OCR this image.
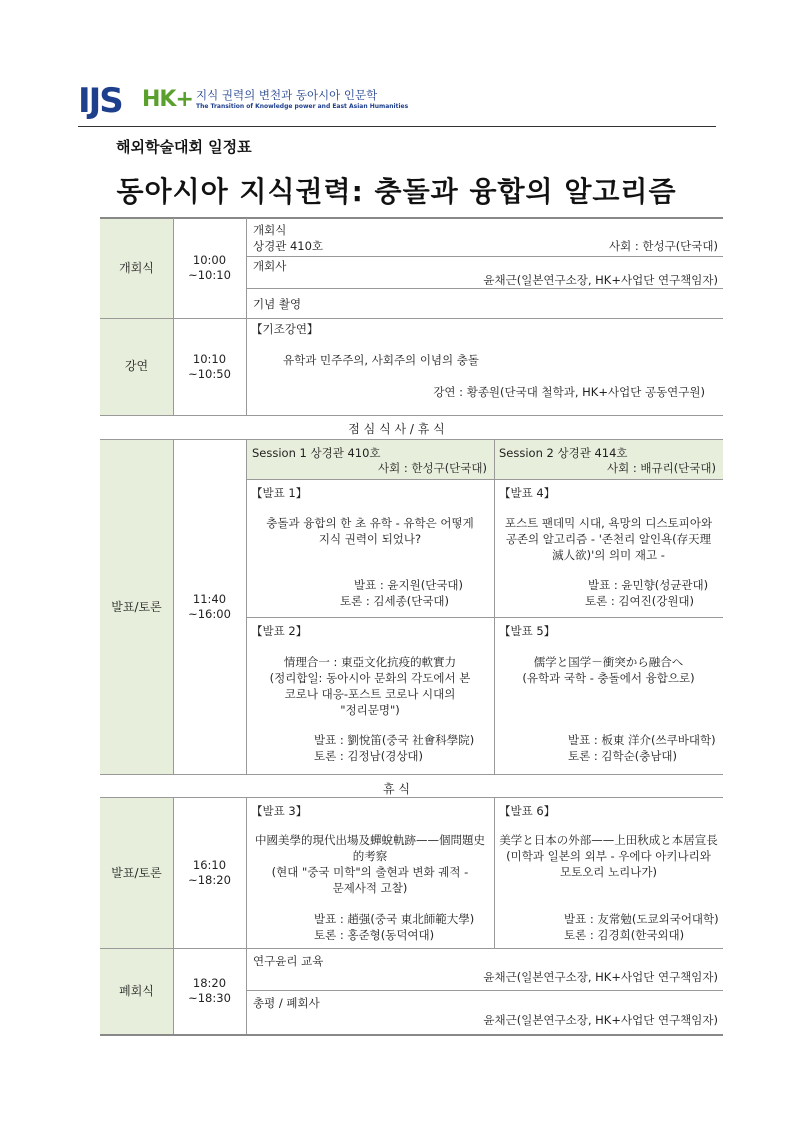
IJS HK+ 지식 권력의 변천과 동아시아 인문학
The Transition of Knowledge power and East Asian Humanities
해외학술대회 일정표
동아시아 지식권력: 충돌과 융합의 알고리즘
개회식
10:00
~10:10
강연
10:10
~10:50
발표/토론
11:40
~16:00
발표/토론
16:10
~18:20
폐회식
18:20
~18:30
개회식
상경관 410호	사회 : 한성구(단국대)
개회사
윤채근(일본연구소장, HK+사업단 연구책임자)
기념 촬영
【기조강연】
유학과 민주주의, 사회주의 이념의 충돌
강연 : 황종원(단국대 철학과, HK+사업단 공동연구원)
점 심 식 사 / 휴 식
Session 1 상경관 410호
사회 : 한성구(단국대)
Session 2 상경관 414호
사회 : 배규리(단국대)
【발표 1】
충돌과 융합의 한 초 유학 - 유학은 어떻게
지식 권력이 되었나?
발표 : 윤지원(단국대)
토론 : 김세종(단국대)
【발표 4】
포스트 팬데믹 시대, 욕망의 디스토피아와
공존의 알고리즘 - '존천리 알인욕(存天理
滅人欲)'의 의미 재고 -
발표 : 윤민향(성균관대)
토론 : 김여진(강원대)
【발표 2】
情理合一 : 東亞文化抗疫的軟實力
(정리합일: 동아시아 문화의 각도에서 본
코로나 대응-포스트 코로나 시대의
"정리문명")
발표 : 劉悅笛(중국 社會科學院)
토론 : 김정남(경상대)
【발표 5】
儒学と国学－衝突から融合へ
(유학과 국학 - 충돌에서 융합으로)
발표 : 板東 洋介(쓰쿠바대학)
토론 : 김학순(충남대)
휴 식
【발표 3】
中國美學的現代出場及蟬蛻軌跡——個問題史
的考察
(현대 "중국 미학"의 출현과 변화 궤적 -
문제사적 고찰)
발표 : 趙强(중국 東北師範大學)
토론 : 홍준형(동덕여대)
【발표 6】
美学と日本の外部——上田秋成と本居宣長
(미학과 일본의 외부 - 우에다 아키나리와
모토오리 노리나가)
발표 : 友常勉(도쿄외국어대학)
토론 : 김경희(한국외대)
연구윤리 교육
윤채근(일본연구소장, HK+사업단 연구책임자)
총평 / 폐회사
윤채근(일본연구소장, HK+사업단 연구책임자)
